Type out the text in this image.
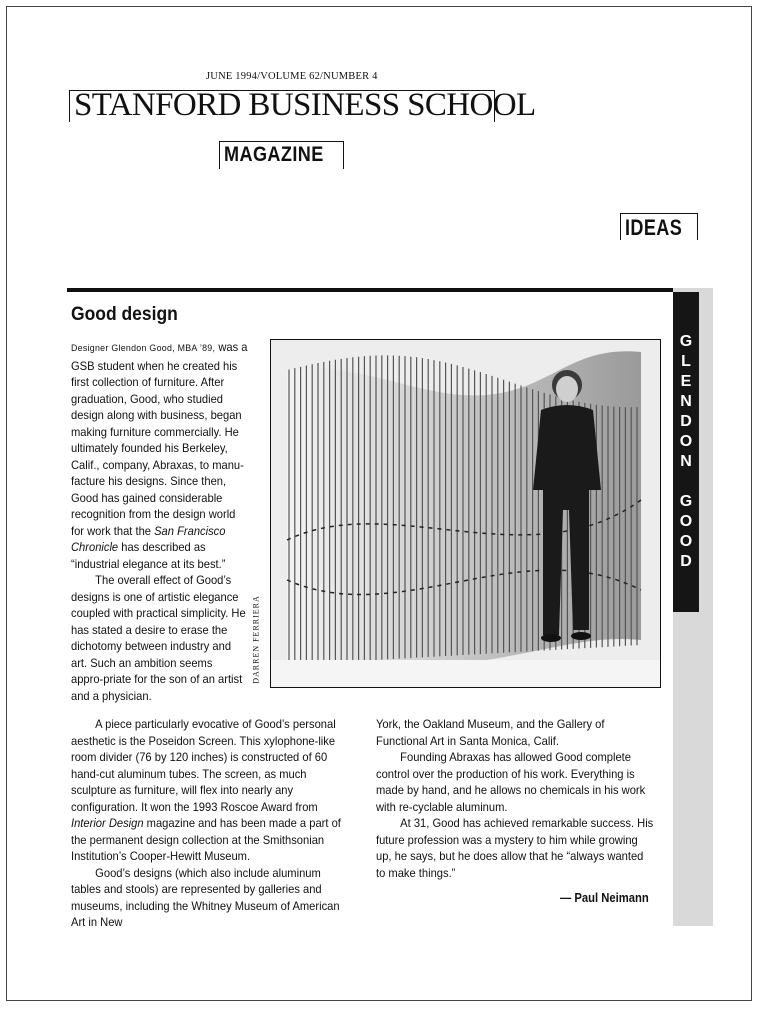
JUNE 1994/VOLUME 62/NUMBER 4
STANFORD BUSINESS SCHOOL
MAGAZINE
IDEAS
G
L
E
N
D
O
N
G
O
O
D
Good design

Designer Glendon Good, MBA ’89, was a GSB student when he created his first collection of furniture. After graduation, Good, who studied design along with business, began making furniture commercially. He ultimately founded his Berkeley, Calif., company, Abraxas, to manu-facture his designs. Since then, Good has gained considerable recognition from the design world for work that the San Francisco Chronicle has described as “industrial elegance at its best.”

The overall effect of Good’s designs is one of artistic elegance coupled with practical simplicity. He has stated a desire to erase the dichotomy between industry and art. Such an ambition seems appro-priate for the son of an artist and a physician.

DARREN FERRIERA

A piece particularly evocative of Good’s personal aesthetic is the Poseidon Screen. This xylophone-like room divider (76 by 120 inches) is constructed of 60 hand-cut aluminum tubes. The screen, as much sculpture as furniture, will flex into nearly any configuration. It won the 1993 Roscoe Award from Interior Design magazine and has been made a part of the permanent design collection at the Smithsonian Institution’s Cooper-Hewitt Museum.

Good’s designs (which also include aluminum tables and stools) are represented by galleries and museums, including the Whitney Museum of American Art in New

York, the Oakland Museum, and the Gallery of Functional Art in Santa Monica, Calif.

Founding Abraxas has allowed Good complete control over the production of his work. Everything is made by hand, and he allows no chemicals in his work with re-cyclable aluminum.

At 31, Good has achieved remarkable success. His future profession was a mystery to him while growing up, he says, but he does allow that he “always wanted to make things.”

— Paul Neimann
